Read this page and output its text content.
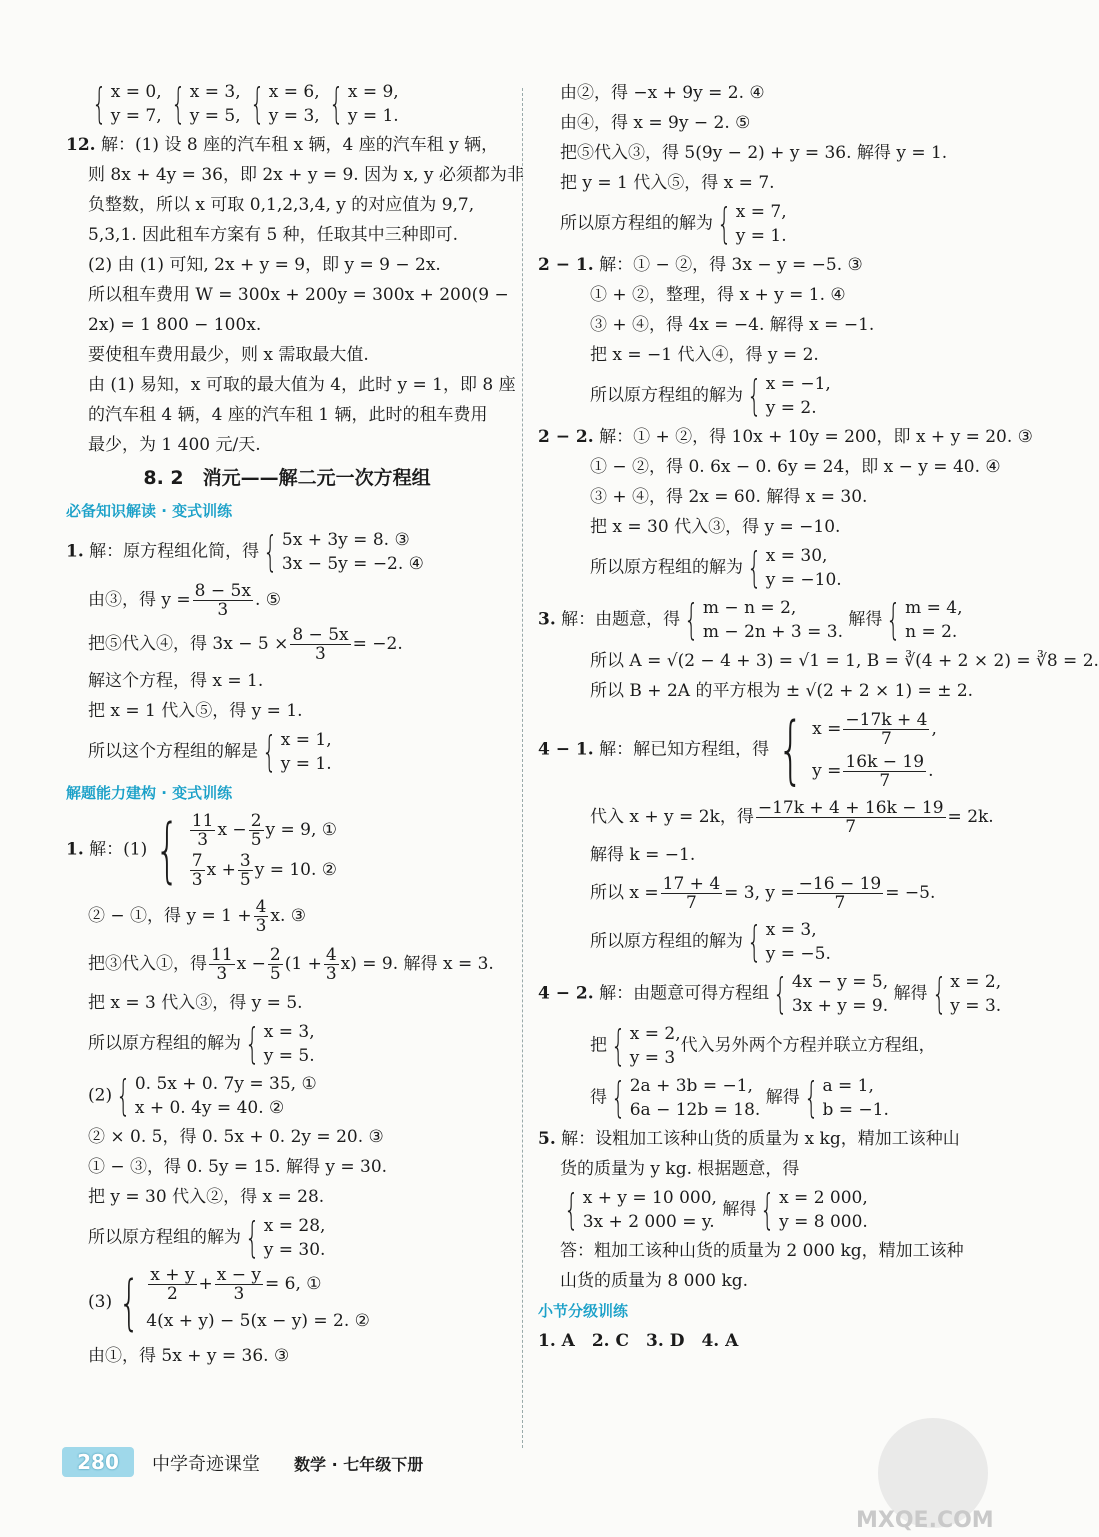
{ x = 0,
y = 7,
{ x = 3,
y = 5,
{ x = 6,
y = 3,
{ x = 9,
y = 1.
12. 解：(1) 设 8 座的汽车租 x 辆，4 座的汽车租 y 辆，
则 8x + 4y = 36，即 2x + y = 9. 因为 x, y 必须都为非
负整数，所以 x 可取 0,1,2,3,4, y 的对应值为 9,7,
5,3,1. 因此租车方案有 5 种，任取其中三种即可.
(2) 由 (1) 可知, 2x + y = 9，即 y = 9 − 2x.
所以租车费用 W = 300x + 200y = 300x + 200(9 −
2x) = 1 800 − 100x.
要使租车费用最少，则 x 需取最大值.
由 (1) 易知，x 可取的最大值为 4，此时 y = 1，即 8 座
的汽车租 4 辆，4 座的汽车租 1 辆，此时的租车费用
最少，为 1 400 元/天.
8. 2　消元——解二元一次方程组
必备知识解读 · 变式训练
1. 解：原方程组化简，得 { 5x + 3y = 8. ③
3x − 5y = −2. ④
由③，得 $y = \frac{8 - 5x}{3}$ . ⑤
把⑤代入④，得 $3x - 5 \times \frac{8 - 5x}{3} = -2$.
解这个方程，得 x = 1.
把 x = 1 代入⑤，得 y = 1.
所以这个方程组的解是 { x = 1,
y = 1.
解题能力建构 · 变式训练
1. 解：(1) { $\frac{11}{3}$ $x - \frac{2}{5}$ y = 9, ①
$\frac{7}{3}$ $x + \frac{3}{5}$ y = 10. ②
② − ①，得 $y = 1 + \frac{4}{3} x$. ③
把③代入①，得 $\frac{11}{3}$ $x - \frac{2}{5} (1 + \frac{4}{3} x) = 9$. 解得 x = 3.
把 x = 3 代入③，得 y = 5.
所以原方程组的解为 { x = 3,
y = 5.
(2) { 0. 5x + 0. 7y = 35, ①
x + 0. 4y = 40. ②
② × 0. 5，得 0. 5x + 0. 2y = 20. ③
① − ③，得 0. 5y = 15. 解得 y = 30.
把 y = 30 代入②，得 x = 28.
所以原方程组的解为 { x = 28,
y = 30.
(3) { $\frac{x + y}{2} + \frac{x - y}{3} = 6$, ①
4(x + y) − 5(x − y) = 2. ②
由①，得 5x + y = 36. ③
由②，得 −x + 9y = 2. ④
由④，得 x = 9y − 2. ⑤
把⑤代入③，得 5(9y − 2) + y = 36. 解得 y = 1.
把 y = 1 代入⑤，得 x = 7.
所以原方程组的解为 { x = 7,
y = 1.
2 − 1. 解：① − ②，得 3x − y = −5. ③
① + ②，整理，得 x + y = 1. ④
③ + ④，得 4x = −4. 解得 x = −1.
把 x = −1 代入④，得 y = 2.
所以原方程组的解为 { x = −1,
y = 2.
2 − 2. 解：① + ②，得 10x + 10y = 200，即 x + y = 20. ③
① − ②，得 0. 6x − 0. 6y = 24，即 x − y = 40. ④
③ + ④，得 2x = 60. 解得 x = 30.
把 x = 30 代入③，得 y = −10.
所以原方程组的解为 { x = 30,
y = −10.
3. 解：由题意，得 { m − n = 2,
m − 2n + 3 = 3.
解得 { m = 4,
n = 2.
所以 A = √(2 − 4 + 3) = √1 = 1, B = ∛(4 + 2 × 2) = ∛8 = 2.
所以 B + 2A 的平方根为 ± √(2 + 2 × 1) = ± 2.
4 − 1. 解：解已知方程组，得 { $x = \frac{-17k + 4}{7}$ ,
$y = \frac{16k - 19}{7}$ .
代入 x + y = 2k，得 $\frac{-17k + 4 + 16k - 19}{7} = 2k$.
解得 k = −1.
所以 $x = \frac{17 + 4}{7} = 3$, $y = \frac{-16 - 19}{7} = -5$.
所以原方程组的解为 { x = 3,
y = −5.
4 − 2. 解：由题意可得方程组 { 4x − y = 5,
3x + y = 9.
解得 { x = 2,
y = 3.
把 { x = 2,
y = 3
代入另外两个方程并联立方程组，
得 { 2a + 3b = −1,
6a − 12b = 18.
解得 { a = 1,
b = −1.
5. 解：设粗加工该种山货的质量为 x kg，精加工该种山
货的质量为 y kg. 根据题意，得
{ x + y = 10 000,
3x + 2 000 = y.
解得 { x = 2 000,
y = 8 000.
答：粗加工该种山货的质量为 2 000 kg，精加工该种
山货的质量为 8 000 kg.
小节分级训练
1. A　2. C　3. D　4. A
280	中学奇迹课堂 数学 · 七年级下册
MXQE.COM
